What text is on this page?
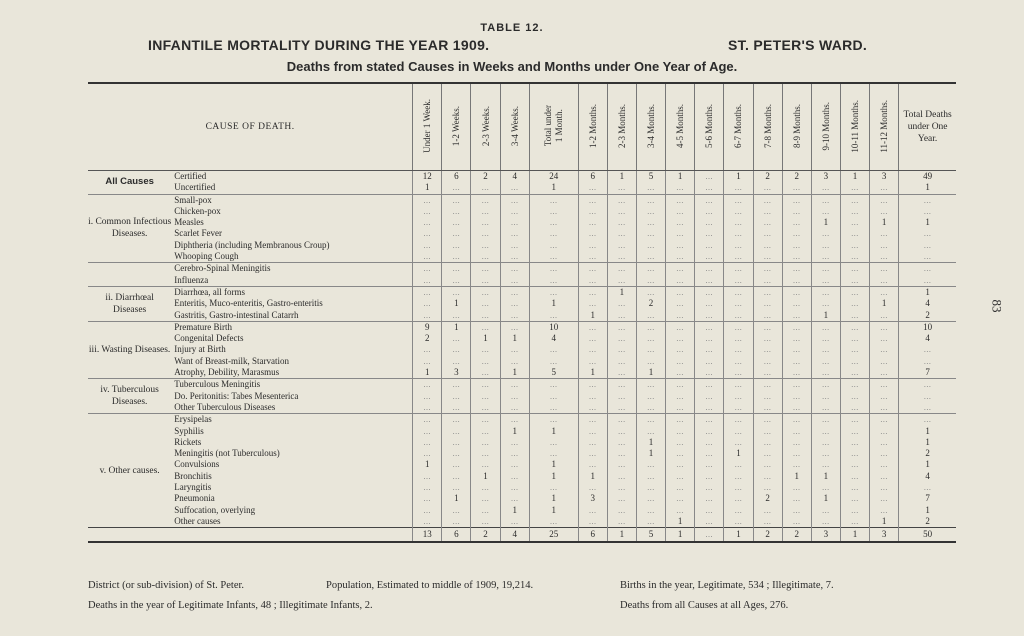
TABLE 12.
INFANTILE MORTALITY DURING THE YEAR 1909.	ST. PETER'S WARD.
Deaths from stated Causes in Weeks and Months under One Year of Age.
83
CAUSE OF DEATH.		Under 1 Week.	1-2 Weeks.	2-3 Weeks.	3-4 Weeks.	Total under
1 Month.	1-2 Months.	2-3 Months.	3-4 Months.	4-5 Months.	5-6 Months.	6-7 Months.	7-8 Months.	8-9 Months.	9-10 Months.	10-11 Months.	11-12 Months.	Total Deaths under One Year.
All Causes	Certified	12	6	2	4	24	6	1	5	1	...	1	2	2	3	1	3	49
	Uncertified	1	...	...	...	1	...	...	...	...	...	...	...	...	...	...	...	1
i. Common Infectious Diseases.	Small-pox	...	...	...	...	...	...	...	...	...	...	...	...	...	...	...	...	...
	Chicken-pox	...	...	...	...	...	...	...	...	...	...	...	...	...	...	...	...	...
	Measles	...	...	...	...	...	...	...	...	...	...	...	...	...	1	...	1	1
	Scarlet Fever	...	...	...	...	...	...	...	...	...	...	...	...	...	...	...	...	...
	Diphtheria (including Membranous Croup)	...	...	...	...	...	...	...	...	...	...	...	...	...	...	...	...	...
	Whooping Cough	...	...	...	...	...	...	...	...	...	...	...	...	...	...	...	...	...
	Cerebro-Spinal Meningitis	...	...	...	...	...	...	...	...	...	...	...	...	...	...	...	...	...
	Influenza	...	...	...	...	...	...	...	...	...	...	...	...	...	...	...	...	...
ii. Diarrhœal Diseases	Diarrhœa, all forms	...	...	...	...	...	...	1	...	...	...	...	...	...	...	...	...	1
	Enteritis, Muco-enteritis, Gastro-enteritis	...	1	...	...	1	...	...	2	...	...	...	...	...	...	...	1	4
	Gastritis, Gastro-intestinal Catarrh	...	...	...	...	...	1	...	...	...	...	...	...	...	1	...	...	2
iii. Wasting Diseases.	Premature Birth	9	1	...	...	10	...	...	...	...	...	...	...	...	...	...	...	10
	Congenital Defects	2	...	1	1	4	...	...	...	...	...	...	...	...	...	...	...	4
	Injury at Birth	...	...	...	...	...	...	...	...	...	...	...	...	...	...	...	...	...
	Want of Breast-milk, Starvation	...	...	...	...	...	...	...	...	...	...	...	...	...	...	...	...	...
	Atrophy, Debility, Marasmus	1	3	...	1	5	1	...	1	...	...	...	...	...	...	...	...	7
iv. Tuberculous Diseases.	Tuberculous Meningitis	...	...	...	...	...	...	...	...	...	...	...	...	...	...	...	...	...
	Do. Peritonitis: Tabes Mesenterica	...	...	...	...	...	...	...	...	...	...	...	...	...	...	...	...	...
	Other Tuberculous Diseases	...	...	...	...	...	...	...	...	...	...	...	...	...	...	...	...	...
v. Other causes.	Erysipelas	...	...	...	...	...	...	...	...	...	...	...	...	...	...	...	...	...
	Syphilis	...	...	...	1	1	...	...	...	...	...	...	...	...	...	...	...	1
	Rickets	...	...	...	...	...	...	...	1	...	...	...	...	...	...	...	...	1
	Meningitis (not Tuberculous)	...	...	...	...	...	...	...	1	...	...	1	...	...	...	...	...	2
	Convulsions	1	...	...	...	1	...	...	...	...	...	...	...	...	...	...	...	1
	Bronchitis	...	...	1	...	1	1	...	...	...	...	...	...	1	1	...	...	4
	Laryngitis	...	...	...	...	...	...	...	...	...	...	...	...	...	...	...	...	...
	Pneumonia	...	1	...	...	1	3	...	...	...	...	...	2	...	1	...	...	7
	Suffocation, overlying	...	...	...	1	1	...	...	...	...	...	...	...	...	...	...	...	1
	Other causes	...	...	...	...	...	...	...	...	1	...	...	...	...	...	...	1	2
		13	6	2	4	25	6	1	5	1	...	1	2	2	3	1	3	50
District (or sub-division) of St. Peter.	Population, Estimated to middle of 1909, 19,214.	Births in the year, Legitimate, 534 ; Illegitimate, 7.
Deaths in the year of Legitimate Infants, 48 ; Illegitimate Infants, 2.	Deaths from all Causes at all Ages, 276.
